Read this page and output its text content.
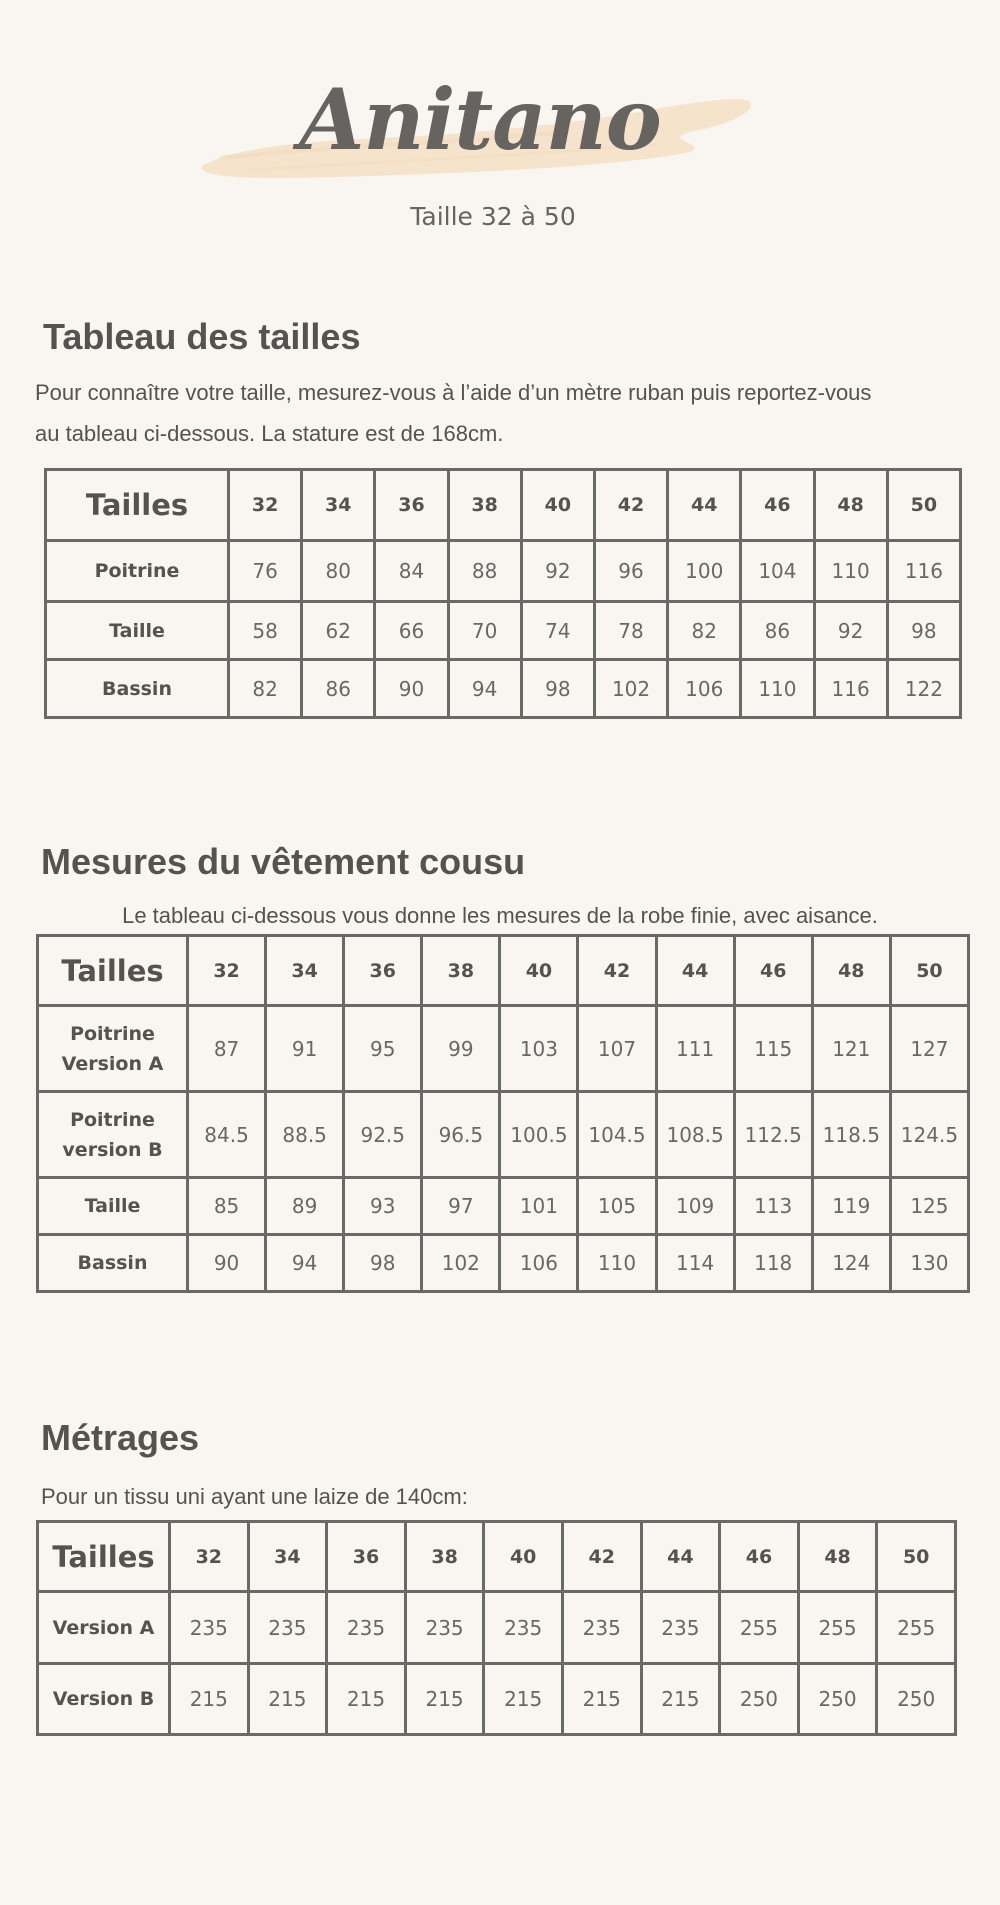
Anitano
Taille 32 à 50
Tableau des tailles

Pour connaître votre taille, mesurez-vous à l’aide d’un mètre ruban puis reportez-vous

au tableau ci-dessous. La stature est de 168cm.

Tailles	32	34	36	38	40	42	44	46	48	50
Poitrine	76	80	84	88	92	96	100	104	110	116
Taille	58	62	66	70	74	78	82	86	92	98
Bassin	82	86	90	94	98	102	106	110	116	122
Mesures du vêtement cousu

Le tableau ci-dessous vous donne les mesures de la robe finie, avec aisance.

Tailles	32	34	36	38	40	42	44	46	48	50
Poitrine
Version A	87	91	95	99	103	107	111	115	121	127
Poitrine
version B	84.5	88.5	92.5	96.5	100.5	104.5	108.5	112.5	118.5	124.5
Taille	85	89	93	97	101	105	109	113	119	125
Bassin	90	94	98	102	106	110	114	118	124	130
Métrages

Pour un tissu uni ayant une laize de 140cm:

Tailles	32	34	36	38	40	42	44	46	48	50
Version A	235	235	235	235	235	235	235	255	255	255
Version B	215	215	215	215	215	215	215	250	250	250
